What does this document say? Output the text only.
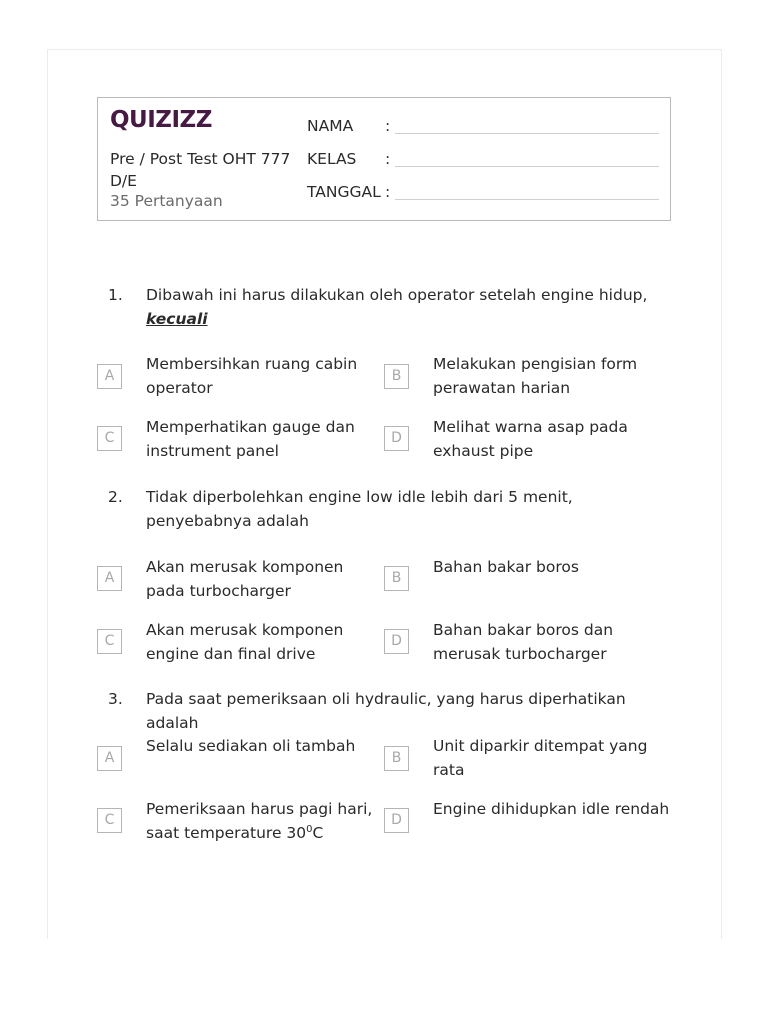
QUIZIZZ
Pre / Post Test OHT 777 D/E
35 Pertanyaan
NAMA :
KELAS :
TANGGAL :
1. Dibawah ini harus dilakukan oleh operator setelah engine hidup,
kecuali
A
Membersihkan ruang cabin operator
B
Melakukan pengisian form perawatan harian
C
Memperhatikan gauge dan instrument panel
D
Melihat warna asap pada exhaust pipe
2. Tidak diperbolehkan engine low idle lebih dari 5 menit, penyebabnya adalah
A
Akan merusak komponen pada turbocharger
B
Bahan bakar boros
C
Akan merusak komponen engine dan final drive
D
Bahan bakar boros dan merusak turbocharger
3. Pada saat pemeriksaan oli hydraulic, yang harus diperhatikan adalah
A
Selalu sediakan oli tambah
B
Unit diparkir ditempat yang rata
C
Pemeriksaan harus pagi hari, saat temperature $30^0C$
D
Engine dihidupkan idle rendah
